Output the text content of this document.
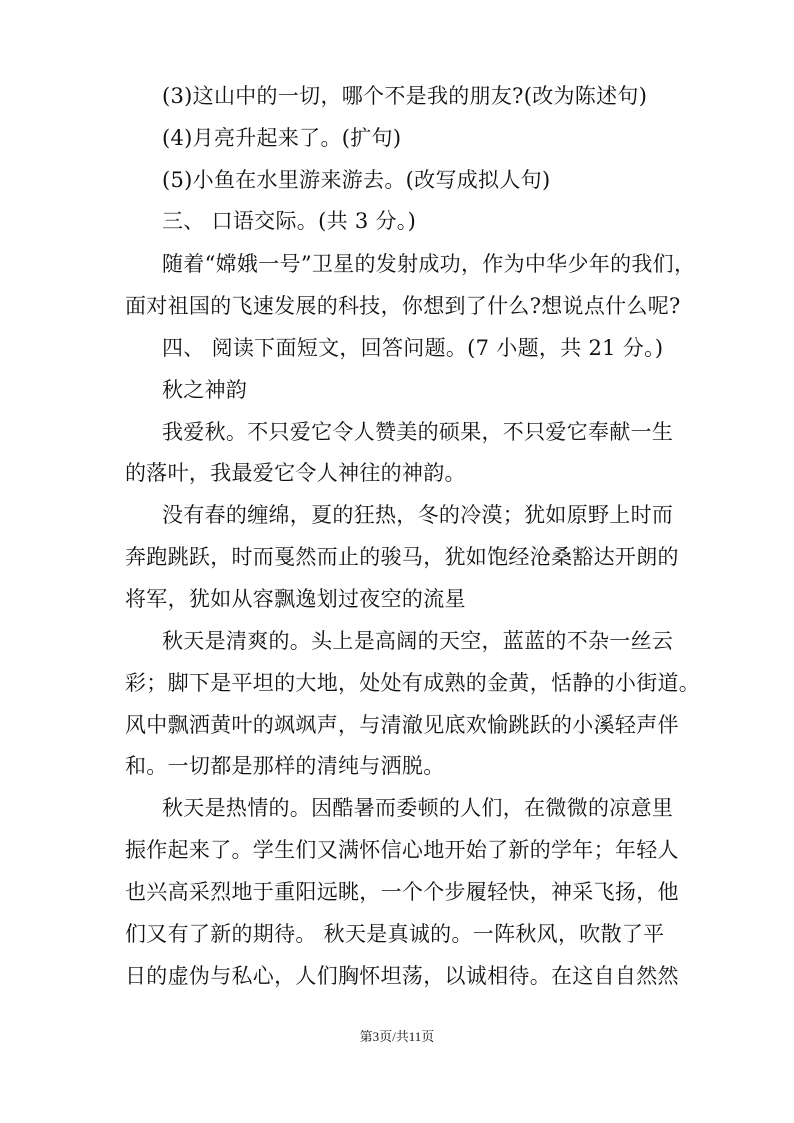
(3)这山中的一切，哪个不是我的朋友?(改为陈述句)
(4)月亮升起来了。(扩句)
(5)小鱼在水里游来游去。(改写成拟人句)
三、 口语交际。(共 3 分。)
随着“嫦娥一号”卫星的发射成功，作为中华少年的我们，
面对祖国的飞速发展的科技，你想到了什么?想说点什么呢?
四、 阅读下面短文，回答问题。(7 小题，共 21 分。)
秋之神韵
我爱秋。不只爱它令人赞美的硕果，不只爱它奉献一生
的落叶，我最爱它令人神往的神韵。
没有春的缠绵，夏的狂热，冬的冷漠；犹如原野上时而
奔跑跳跃，时而戛然而止的骏马，犹如饱经沧桑豁达开朗的
将军，犹如从容飘逸划过夜空的流星
秋天是清爽的。头上是高阔的天空，蓝蓝的不杂一丝云
彩；脚下是平坦的大地，处处有成熟的金黄，恬静的小街道。
风中飘洒黄叶的飒飒声，与清澈见底欢愉跳跃的小溪轻声伴
和。一切都是那样的清纯与洒脱。
秋天是热情的。因酷暑而委顿的人们，在微微的凉意里
振作起来了。学生们又满怀信心地开始了新的学年；年轻人
也兴高采烈地于重阳远眺，一个个步履轻快，神采飞扬，他
们又有了新的期待。 秋天是真诚的。一阵秋风，吹散了平
日的虚伪与私心，人们胸怀坦荡，以诚相待。在这自自然然
第3页/共11页
